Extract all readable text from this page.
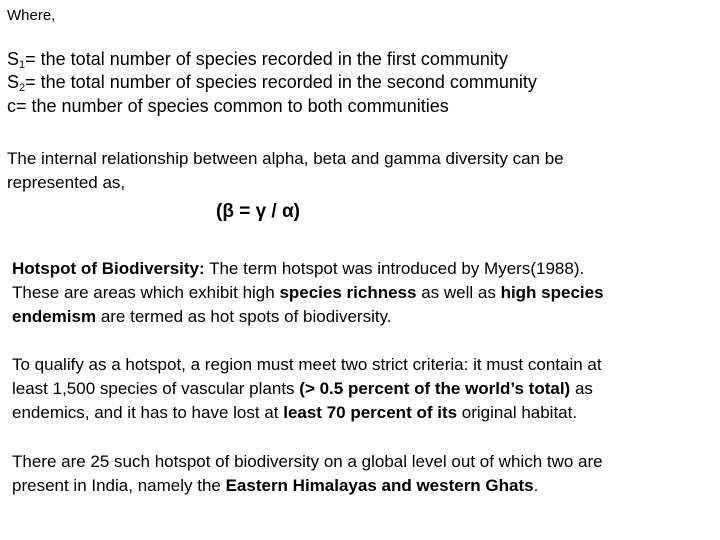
Where,
$S_1=$ the total number of species recorded in the first community
$S_2=$ the total number of species recorded in the second community
c= the number of species common to both communities
The internal relationship between alpha, beta and gamma diversity can be
represented as,
(β = γ / α)
Hotspot of Biodiversity: The term hotspot was introduced by Myers(1988).
These are areas which exhibit high species richness as well as high species
endemism are termed as hot spots of biodiversity.
To qualify as a hotspot, a region must meet two strict criteria: it must contain at
least 1,500 species of vascular plants (> 0.5 percent of the world’s total) as
endemics, and it has to have lost at least 70 percent of its original habitat.
There are 25 such hotspot of biodiversity on a global level out of which two are
present in India, namely the Eastern Himalayas and western Ghats.
